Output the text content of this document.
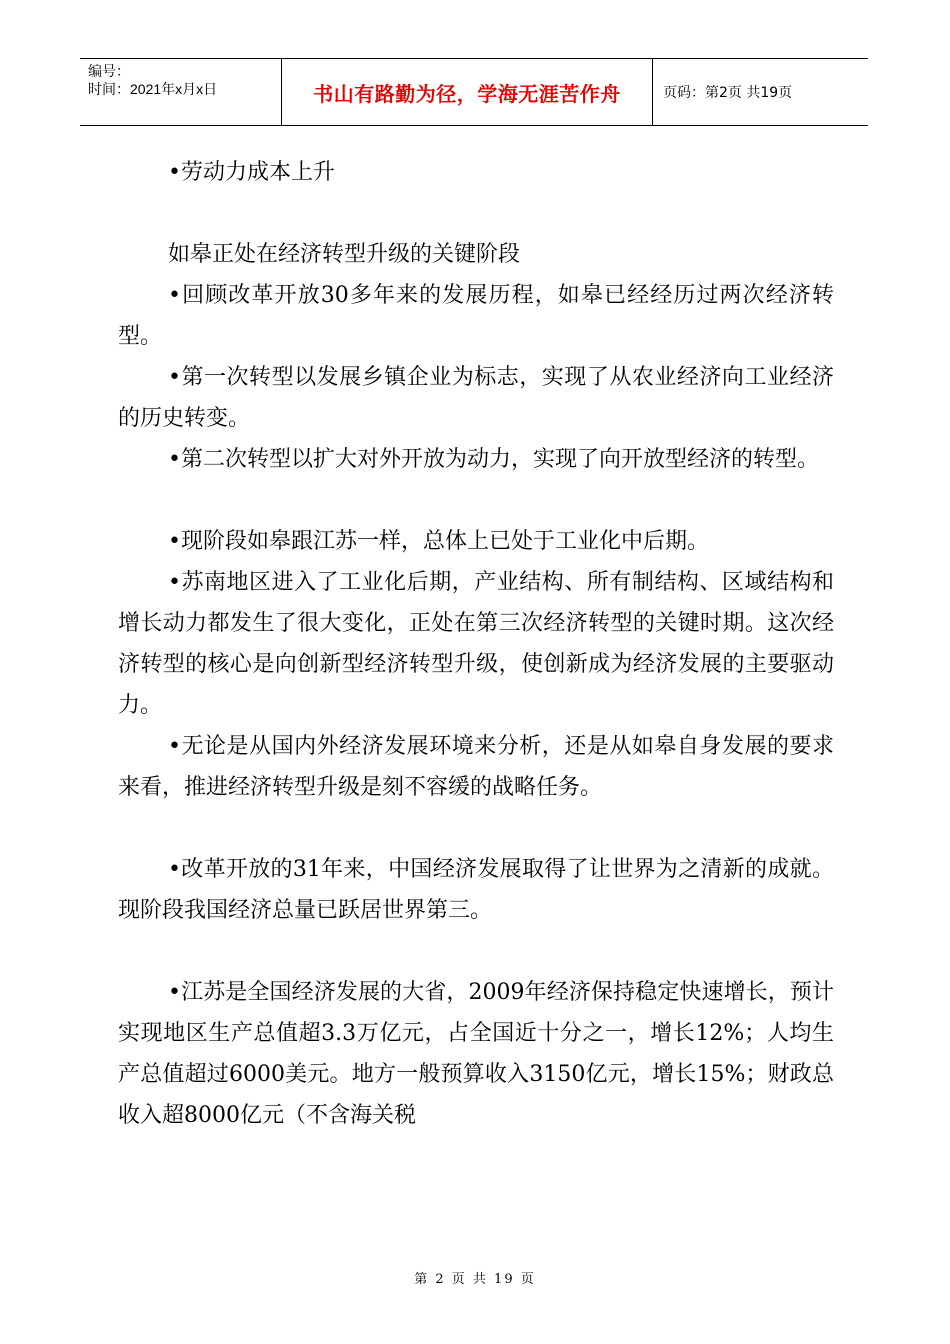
编号：
时间：2021年x月x日	书山有路勤为径，学海无涯苦作舟	页码：第2页 共19页

•劳动力成本上升

如皋正处在经济转型升级的关键阶段

•回顾改革开放30多年来的发展历程，如皋已经经历过两次经济转型。

•第一次转型以发展乡镇企业为标志，实现了从农业经济向工业经济的历史转变。

•第二次转型以扩大对外开放为动力，实现了向开放型经济的转型。

•现阶段如皋跟江苏一样，总体上已处于工业化中后期。

•苏南地区进入了工业化后期，产业结构、所有制结构、区域结构和增长动力都发生了很大变化，正处在第三次经济转型的关键时期。这次经济转型的核心是向创新型经济转型升级，使创新成为经济发展的主要驱动力。

•无论是从国内外经济发展环境来分析，还是从如皋自身发展的要求来看，推进经济转型升级是刻不容缓的战略任务。

•改革开放的31年来，中国经济发展取得了让世界为之清新的成就。现阶段我国经济总量已跃居世界第三。

•江苏是全国经济发展的大省，2009年经济保持稳定快速增长，预计实现地区生产总值超3.3万亿元，占全国近十分之一，增长12%；人均生产总值超过6000美元。地方一般预算收入3150亿元，增长15%；财政总收入超8000亿元（不含海关税

第 2 页 共 19 页
